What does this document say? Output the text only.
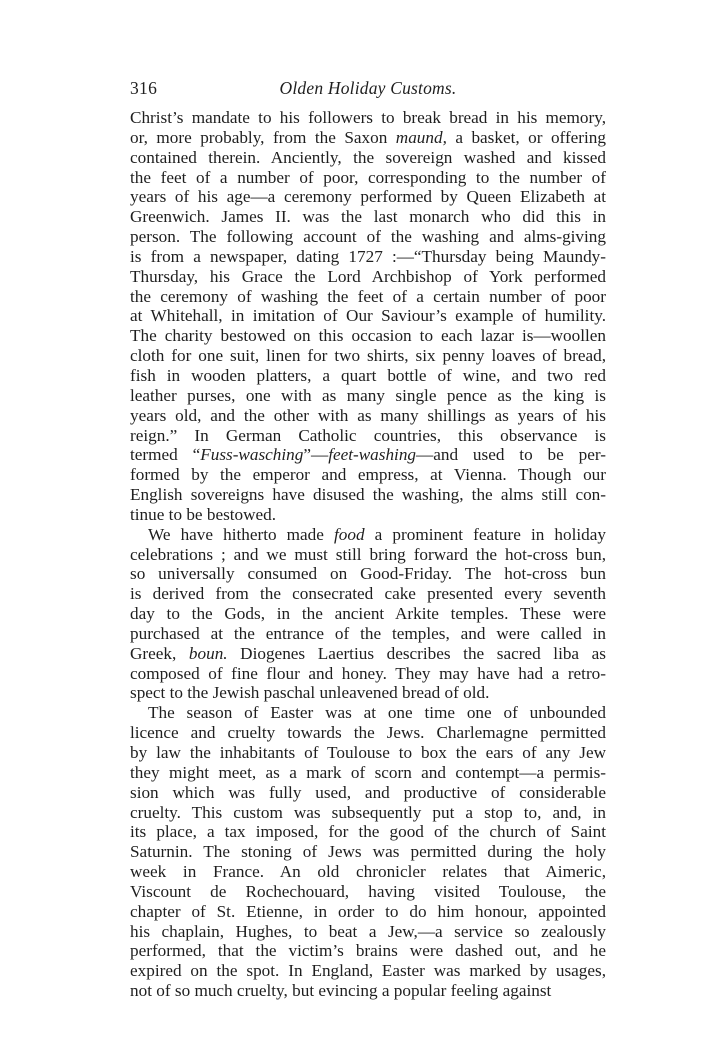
316	Olden Holiday Customs.

Christ’s mandate to his followers to break bread in his memory,
or, more probably, from the Saxon maund, a basket, or offering
contained therein. Anciently, the sovereign washed and kissed
the feet of a number of poor, corresponding to the number of
years of his age—a ceremony performed by Queen Elizabeth at
Greenwich. James II. was the last monarch who did this in
person. The following account of the washing and alms-giving
is from a newspaper, dating 1727 :—“Thursday being Maundy-
Thursday, his Grace the Lord Archbishop of York performed
the ceremony of washing the feet of a certain number of poor
at Whitehall, in imitation of Our Saviour’s example of humility.
The charity bestowed on this occasion to each lazar is—woollen
cloth for one suit, linen for two shirts, six penny loaves of bread,
fish in wooden platters, a quart bottle of wine, and two red
leather purses, one with as many single pence as the king is
years old, and the other with as many shillings as years of his
reign.” In German Catholic countries, this observance is
termed “Fuss-wasching”—feet-washing—and used to be per-
formed by the emperor and empress, at Vienna. Though our
English sovereigns have disused the washing, the alms still con-
tinue to be bestowed.

We have hitherto made food a prominent feature in holiday
celebrations ; and we must still bring forward the hot-cross bun,
so universally consumed on Good-Friday. The hot-cross bun
is derived from the consecrated cake presented every seventh
day to the Gods, in the ancient Arkite temples. These were
purchased at the entrance of the temples, and were called in
Greek, boun. Diogenes Laertius describes the sacred liba as
composed of fine flour and honey. They may have had a retro-
spect to the Jewish paschal unleavened bread of old.

The season of Easter was at one time one of unbounded
licence and cruelty towards the Jews. Charlemagne permitted
by law the inhabitants of Toulouse to box the ears of any Jew
they might meet, as a mark of scorn and contempt—a permis-
sion which was fully used, and productive of considerable
cruelty. This custom was subsequently put a stop to, and, in
its place, a tax imposed, for the good of the church of Saint
Saturnin. The stoning of Jews was permitted during the holy
week in France. An old chronicler relates that Aimeric,
Viscount de Rochechouard, having visited Toulouse, the
chapter of St. Etienne, in order to do him honour, appointed
his chaplain, Hughes, to beat a Jew,—a service so zealously
performed, that the victim’s brains were dashed out, and he
expired on the spot. In England, Easter was marked by usages,
not of so much cruelty, but evincing a popular feeling against
